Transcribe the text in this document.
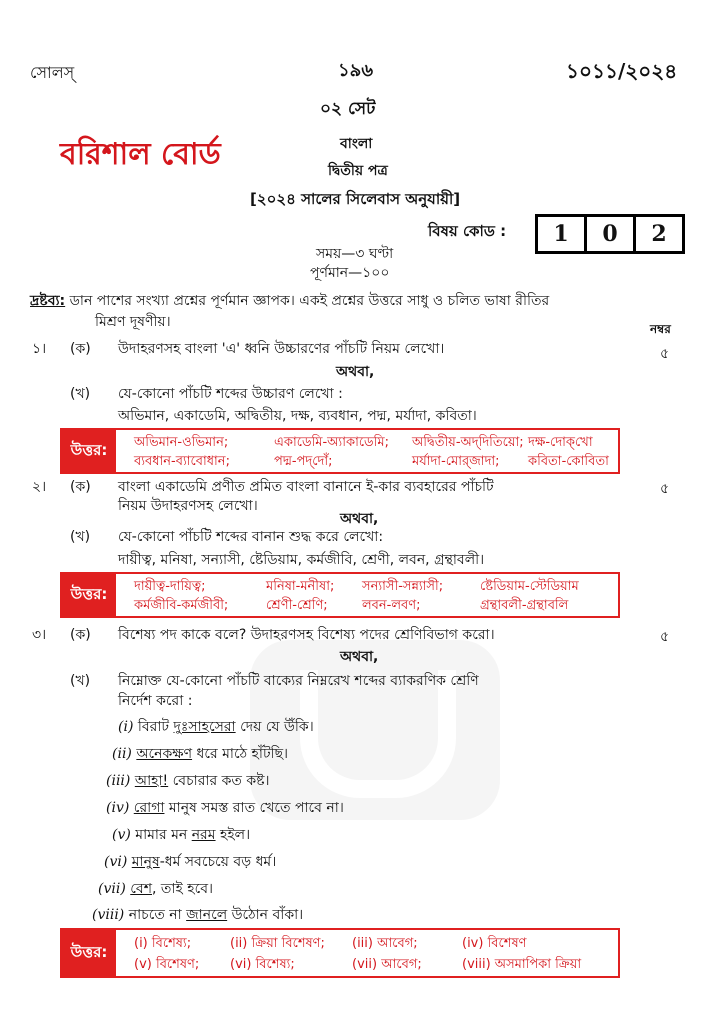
সোলস্	১৯৬	১০১১/২০২৪
০২ সেট
বরিশাল বোর্ড	বাংলা
দ্বিতীয় পত্র
[২০২৪ সালের সিলেবাস অনুযায়ী]
বিষয় কোড :	1	0	2
সময়—৩ ঘণ্টা
পূর্ণমান—১০০
দ্রষ্টব্য: ডান পাশের সংখ্যা প্রশ্নের পূর্ণমান জ্ঞাপক। একই প্রশ্নের উত্তরে সাধু ও চলিত ভাষা রীতির
মিশ্রণ দূষণীয়।	নম্বর
১। (ক) উদাহরণসহ বাংলা 'এ' ধ্বনি উচ্চারণের পাঁচটি নিয়ম লেখো।	৫
অথবা,
(খ) যে-কোনো পাঁচটি শব্দের উচ্চারণ লেখো :
অভিমান, একাডেমি, অদ্বিতীয়, দক্ষ, ব্যবধান, পদ্ম, মর্যাদা, কবিতা।
উত্তর:	অভিমান-ওভিমান;	একাডেমি-অ্যাকাডেমি; অদ্বিতীয়-অদ্‌দিতিয়ো; দক্ষ-দোক্‌খো
ব্যবধান-ব্যাবোধান;	পদ্ম-পদ্‌দোঁ;	মর্যাদা-মোর্‌জাদা; কবিতা-কোবিতা
২। (ক) বাংলা একাডেমি প্রণীত প্রমিত বাংলা বানানে ই-কার ব্যবহারের পাঁচটি	৫
নিয়ম উদাহরণসহ লেখো।
অথবা,
(খ) যে-কোনো পাঁচটি শব্দের বানান শুদ্ধ করে লেখো:
দায়ীত্ব, মনিষা, সন্যাসী, ষ্টেডিয়াম, কর্মজীবি, শ্রেণী, লবন, গ্রন্থাবলী।
উত্তর:	দায়ীত্ব-দায়িত্ব;	মনিষা-মনীষা; সন্যাসী-সন্ন্যাসী;	ষ্টেডিয়াম-স্টেডিয়াম
কর্মজীবি-কর্মজীবী;	শ্রেণী-শ্রেণি;	লবন-লবণ;	গ্রন্থাবলী-গ্রন্থাবলি
৩। (ক) বিশেষ্য পদ কাকে বলে? উদাহরণসহ বিশেষ্য পদের শ্রেণিবিভাগ করো।	৫
অথবা,
(খ) নিম্নোক্ত যে-কোনো পাঁচটি বাক্যের নিম্নরেখ শব্দের ব্যাকরণিক শ্রেণি
নির্দেশ করো :
(i) বিরাট দুঃসাহসেরা দেয় যে উঁকি।
(ii) অনেকক্ষণ ধরে মাঠে হাঁটছি।
(iii) আহা! বেচারার কত কষ্ট।
(iv) রোগা মানুষ সমস্ত রাত খেতে পাবে না।
(v) মামার মন নরম হইল।
(vi) মানুষ-ধর্ম সবচেয়ে বড় ধর্ম।
(vii) বেশ, তাই হবে।
(viii) নাচতে না জানলে উঠোন বাঁকা।
উত্তর:	(i) বিশেষ্য;	(ii) ক্রিয়া বিশেষণ; (iii) আবেগ;	(iv) বিশেষণ
(v) বিশেষণ; (vi) বিশেষ্য;	(vii) আবেগ;	(viii) অসমাপিকা ক্রিয়া
